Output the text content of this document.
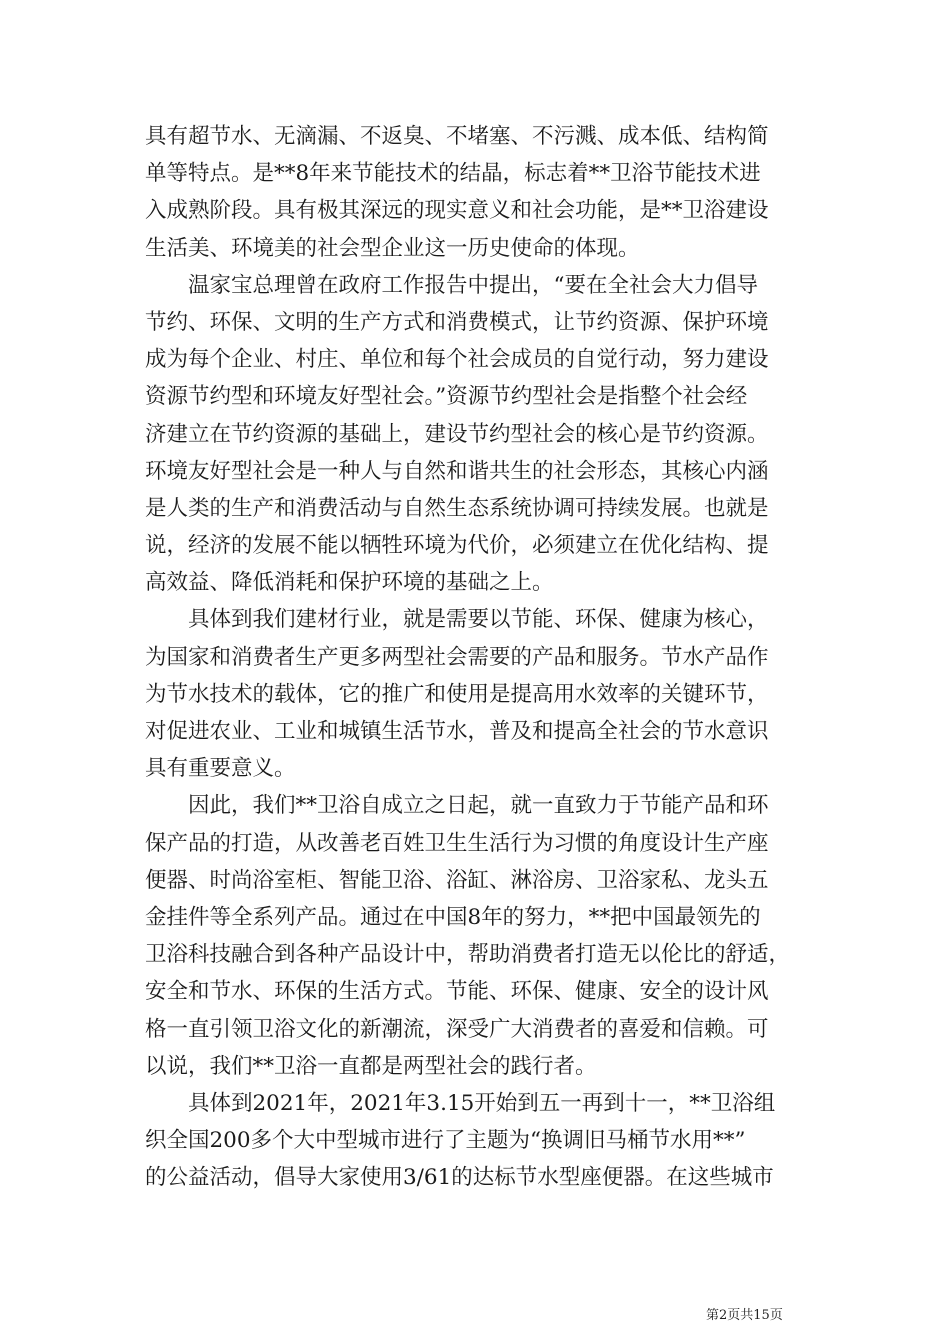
具有超节水、无滴漏、不返臭、不堵塞、不污溅、成本低、结构简
单等特点。是**8年来节能技术的结晶，标志着**卫浴节能技术进
入成熟阶段。具有极其深远的现实意义和社会功能，是**卫浴建设
生活美、环境美的社会型企业这一历史使命的体现。
温家宝总理曾在政府工作报告中提出，“要在全社会大力倡导
节约、环保、文明的生产方式和消费模式，让节约资源、保护环境
成为每个企业、村庄、单位和每个社会成员的自觉行动，努力建设
资源节约型和环境友好型社会。”资源节约型社会是指整个社会经
济建立在节约资源的基础上，建设节约型社会的核心是节约资源。
环境友好型社会是一种人与自然和谐共生的社会形态，其核心内涵
是人类的生产和消费活动与自然生态系统协调可持续发展。也就是
说，经济的发展不能以牺牲环境为代价，必须建立在优化结构、提
高效益、降低消耗和保护环境的基础之上。
具体到我们建材行业，就是需要以节能、环保、健康为核心，
为国家和消费者生产更多两型社会需要的产品和服务。节水产品作
为节水技术的载体，它的推广和使用是提高用水效率的关键环节，
对促进农业、工业和城镇生活节水，普及和提高全社会的节水意识
具有重要意义。
因此，我们**卫浴自成立之日起，就一直致力于节能产品和环
保产品的打造，从改善老百姓卫生生活行为习惯的角度设计生产座
便器、时尚浴室柜、智能卫浴、浴缸、淋浴房、卫浴家私、龙头五
金挂件等全系列产品。通过在中国8年的努力，**把中国最领先的
卫浴科技融合到各种产品设计中，帮助消费者打造无以伦比的舒适，
安全和节水、环保的生活方式。节能、环保、健康、安全的设计风
格一直引领卫浴文化的新潮流，深受广大消费者的喜爱和信赖。可
以说，我们**卫浴一直都是两型社会的践行者。
具体到2021年，2021年3.15开始到五一再到十一，**卫浴组
织全国200多个大中型城市进行了主题为“换调旧马桶节水用**”
的公益活动，倡导大家使用3/61的达标节水型座便器。在这些城市
第2页共15页
